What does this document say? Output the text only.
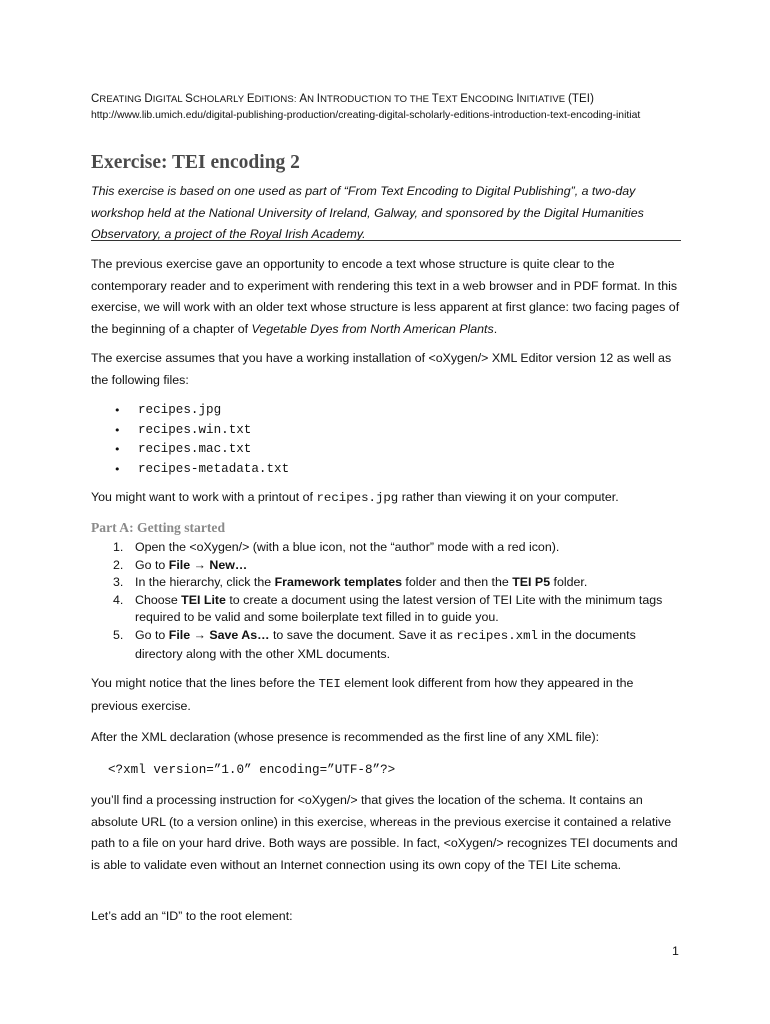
CREATING DIGITAL SCHOLARLY EDITIONS: AN INTRODUCTION TO THE TEXT ENCODING INITIATIVE (TEI)
http://www.lib.umich.edu/digital-publishing-production/creating-digital-scholarly-editions-introduction-text-encoding-initiat
Exercise: TEI encoding 2
This exercise is based on one used as part of “From Text Encoding to Digital Publishing”, a two-day workshop held at the National University of Ireland, Galway, and sponsored by the Digital Humanities Observatory, a project of the Royal Irish Academy.
The previous exercise gave an opportunity to encode a text whose structure is quite clear to the contemporary reader and to experiment with rendering this text in a web browser and in PDF format. In this exercise, we will work with an older text whose structure is less apparent at first glance: two facing pages of the beginning of a chapter of Vegetable Dyes from North American Plants.
The exercise assumes that you have a working installation of <oXygen/> XML Editor version 12 as well as the following files:
• recipes.jpg
• recipes.win.txt
• recipes.mac.txt
• recipes-metadata.txt
You might want to work with a printout of recipes.jpg rather than viewing it on your computer.
Part A: Getting started
1. Open the <oXygen/> (with a blue icon, not the “author” mode with a red icon).
2. Go to File → New…
3. In the hierarchy, click the Framework templates folder and then the TEI P5 folder.
4. Choose TEI Lite to create a document using the latest version of TEI Lite with the minimum tags required to be valid and some boilerplate text filled in to guide you.
5. Go to File → Save As… to save the document. Save it as recipes.xml in the documents directory along with the other XML documents.
You might notice that the lines before the TEI element look different from how they appeared in the previous exercise.
After the XML declaration (whose presence is recommended as the first line of any XML file):
<?xml version=”1.0” encoding=”UTF-8”?>
you’ll find a processing instruction for <oXygen/> that gives the location of the schema. It contains an absolute URL (to a version online) in this exercise, whereas in the previous exercise it contained a relative path to a file on your hard drive. Both ways are possible. In fact, <oXygen/> recognizes TEI documents and is able to validate even without an Internet connection using its own copy of the TEI Lite schema.
Let’s add an “ID” to the root element:
1
